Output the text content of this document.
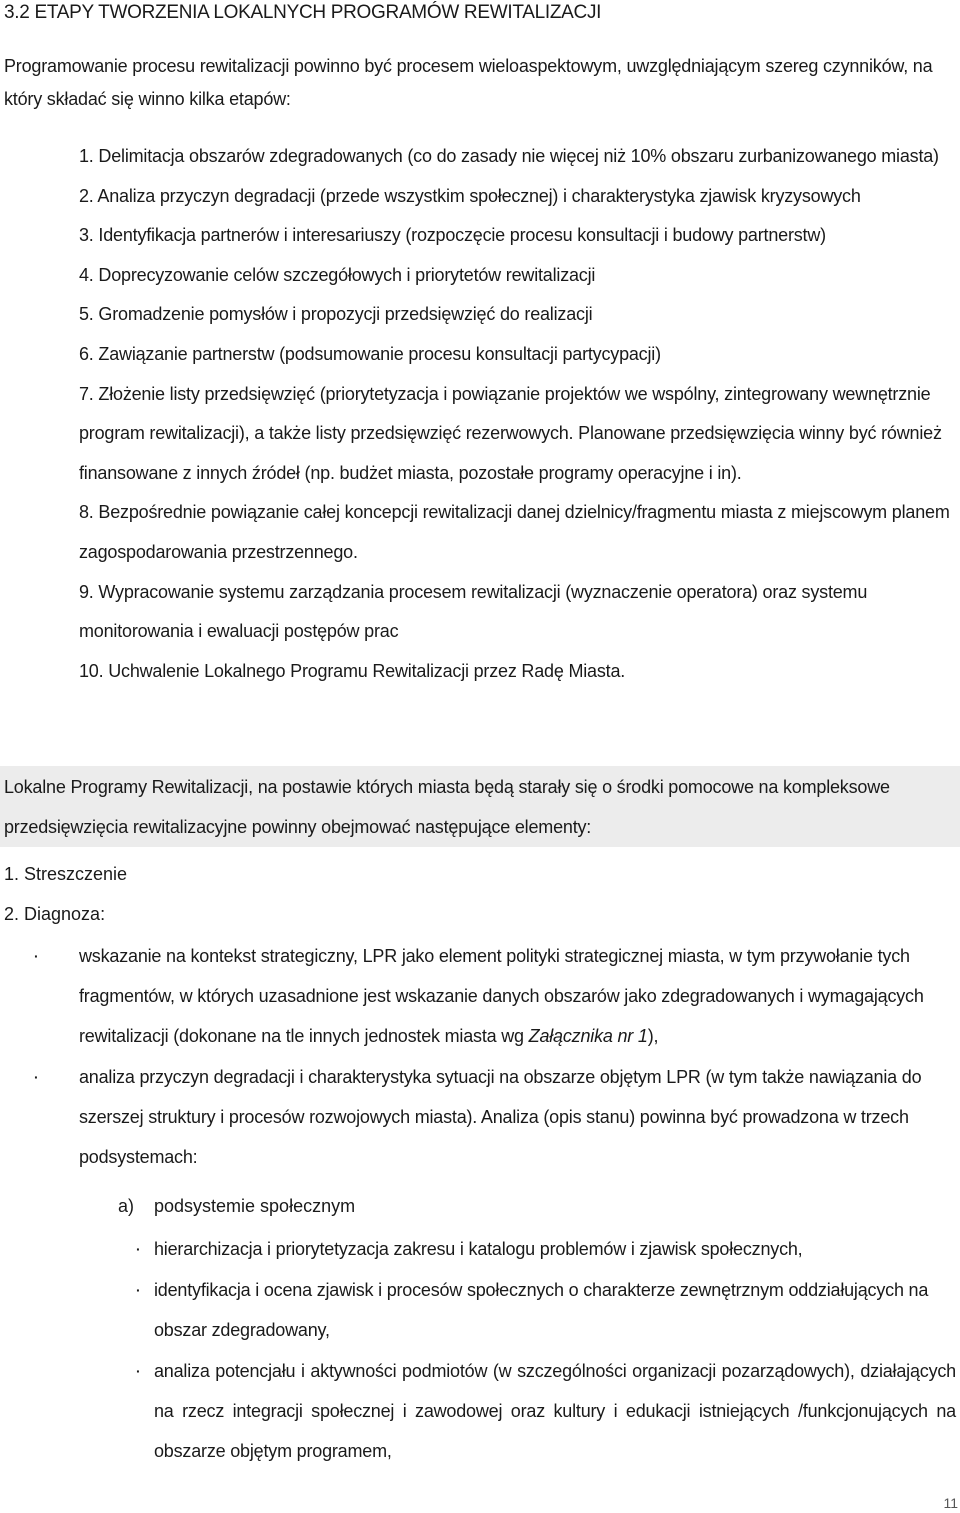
3.2 ETAPY TWORZENIA LOKALNYCH PROGRAMÓW REWITALIZACJI
Programowanie procesu rewitalizacji powinno być procesem wieloaspektowym, uwzględniającym szereg czynników, na który składać się winno kilka etapów:

1. Delimitacja obszarów zdegradowanych (co do zasady nie więcej niż 10% obszaru zurbanizowanego miasta)

2. Analiza przyczyn degradacji (przede wszystkim społecznej) i charakterystyka zjawisk kryzysowych

3. Identyfikacja partnerów i interesariuszy (rozpoczęcie procesu konsultacji i budowy partnerstw)

4. Doprecyzowanie celów szczegółowych i priorytetów rewitalizacji

5. Gromadzenie pomysłów i propozycji przedsięwzięć do realizacji

6. Zawiązanie partnerstw (podsumowanie procesu konsultacji partycypacji)

7. Złożenie listy przedsięwzięć (priorytetyzacja i powiązanie projektów we wspólny, zintegrowany wewnętrznie program rewitalizacji), a także listy przedsięwzięć rezerwowych. Planowane przedsięwzięcia winny być również finansowane z innych źródeł (np. budżet miasta, pozostałe programy operacyjne i in).

8. Bezpośrednie powiązanie całej koncepcji rewitalizacji danej dzielnicy/fragmentu miasta z miejscowym planem zagospodarowania przestrzennego.

9. Wypracowanie systemu zarządzania procesem rewitalizacji (wyznaczenie operatora) oraz systemu monitorowania i ewaluacji postępów prac

10. Uchwalenie Lokalnego Programu Rewitalizacji przez Radę Miasta.

Lokalne Programy Rewitalizacji, na postawie których miasta będą starały się o środki pomocowe na kompleksowe przedsięwzięcia rewitalizacyjne powinny obejmować następujące elementy:
1. Streszczenie
2. Diagnoza:
· wskazanie na kontekst strategiczny, LPR jako element polityki strategicznej miasta, w tym przywołanie tych fragmentów, w których uzasadnione jest wskazanie danych obszarów jako zdegradowanych i wymagających rewitalizacji (dokonane na tle innych jednostek miasta wg Załącznika nr 1),
· analiza przyczyn degradacji i charakterystyka sytuacji na obszarze objętym LPR (w tym także nawiązania do szerszej struktury i procesów rozwojowych miasta). Analiza (opis stanu) powinna być prowadzona w trzech podsystemach:
a) podsystemie społecznym
· hierarchizacja i priorytetyzacja zakresu i katalogu problemów i zjawisk społecznych,
· identyfikacja i ocena zjawisk i procesów społecznych o charakterze zewnętrznym oddziałujących na obszar zdegradowany,
· analiza potencjału i aktywności podmiotów (w szczególności organizacji pozarządowych), działających na rzecz integracji społecznej i zawodowej oraz kultury i edukacji istniejących /funkcjonujących na obszarze objętym programem,
11
